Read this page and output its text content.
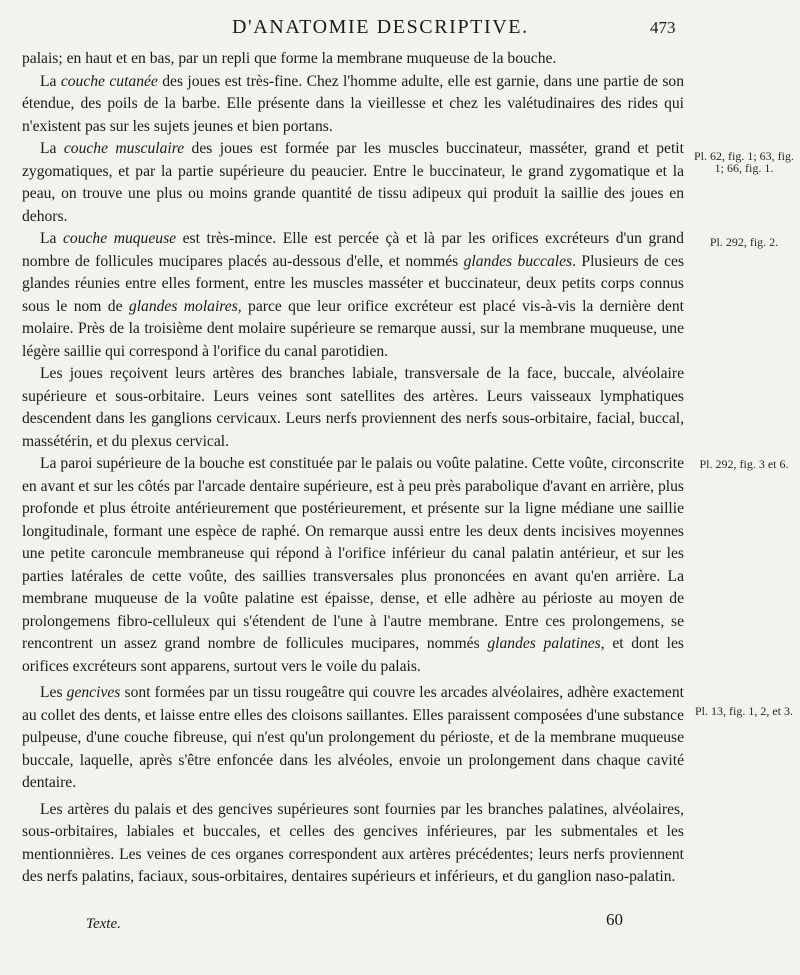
D'ANATOMIE DESCRIPTIVE.	473

palais; en haut et en bas, par un repli que forme la membrane muqueuse de la bouche.

La couche cutanée des joues est très-fine. Chez l'homme adulte, elle est garnie, dans une partie de son étendue, des poils de la barbe. Elle présente dans la vieillesse et chez les valétudinaires des rides qui n'existent pas sur les sujets jeunes et bien portans.

La couche musculaire des joues est formée par les muscles buccinateur, masséter, grand et petit zygomatiques, et par la partie supérieure du peaucier. Entre le buccinateur, le grand zygomatique et la peau, on trouve une plus ou moins grande quantité de tissu adipeux qui produit la saillie des joues en dehors.

La couche muqueuse est très-mince. Elle est percée çà et là par les orifices excréteurs d'un grand nombre de follicules mucipares placés au-dessous d'elle, et nommés glandes buccales. Plusieurs de ces glandes réunies entre elles forment, entre les muscles masséter et buccinateur, deux petits corps connus sous le nom de glandes molaires, parce que leur orifice excréteur est placé vis-à-vis la dernière dent molaire. Près de la troisième dent molaire supérieure se remarque aussi, sur la membrane muqueuse, une légère saillie qui correspond à l'orifice du canal parotidien.

Les joues reçoivent leurs artères des branches labiale, transversale de la face, buccale, alvéolaire supérieure et sous-orbitaire. Leurs veines sont satellites des artères. Leurs vaisseaux lymphatiques descendent dans les ganglions cervicaux. Leurs nerfs proviennent des nerfs sous-orbitaire, facial, buccal, massétérin, et du plexus cervical.

La paroi supérieure de la bouche est constituée par le palais ou voûte palatine. Cette voûte, circonscrite en avant et sur les côtés par l'arcade dentaire supérieure, est à peu près parabolique d'avant en arrière, plus profonde et plus étroite antérieurement que postérieurement, et présente sur la ligne médiane une saillie longitudinale, formant une espèce de raphé. On remarque aussi entre les deux dents incisives moyennes une petite caroncule membraneuse qui répond à l'orifice inférieur du canal palatin antérieur, et sur les parties latérales de cette voûte, des saillies transversales plus prononcées en avant qu'en arrière. La membrane muqueuse de la voûte palatine est épaisse, dense, et elle adhère au périoste au moyen de prolongemens fibro-celluleux qui s'étendent de l'une à l'autre membrane. Entre ces prolongemens, se rencontrent un assez grand nombre de follicules mucipares, nommés glandes palatines, et dont les orifices excréteurs sont apparens, surtout vers le voile du palais.

Les gencives sont formées par un tissu rougeâtre qui couvre les arcades alvéolaires, adhère exactement au collet des dents, et laisse entre elles des cloisons saillantes. Elles paraissent composées d'une substance pulpeuse, d'une couche fibreuse, qui n'est qu'un prolongement du périoste, et de la membrane muqueuse buccale, laquelle, après s'être enfoncée dans les alvéoles, envoie un prolongement dans chaque cavité dentaire.

Les artères du palais et des gencives supérieures sont fournies par les branches palatines, alvéolaires, sous-orbitaires, labiales et buccales, et celles des gencives inférieures, par les submentales et les mentionnières. Les veines de ces organes correspondent aux artères précédentes; leurs nerfs proviennent des nerfs palatins, faciaux, sous-orbitaires, dentaires supérieurs et inférieurs, et du ganglion naso-palatin.

Pl. 62, fig. 1; 63, fig. 1; 66, fig. 1.
Pl. 292, fig. 2.
Pl. 292, fig. 3 et 6.
Pl. 13, fig. 1, 2, et 3.
Texte.	60
